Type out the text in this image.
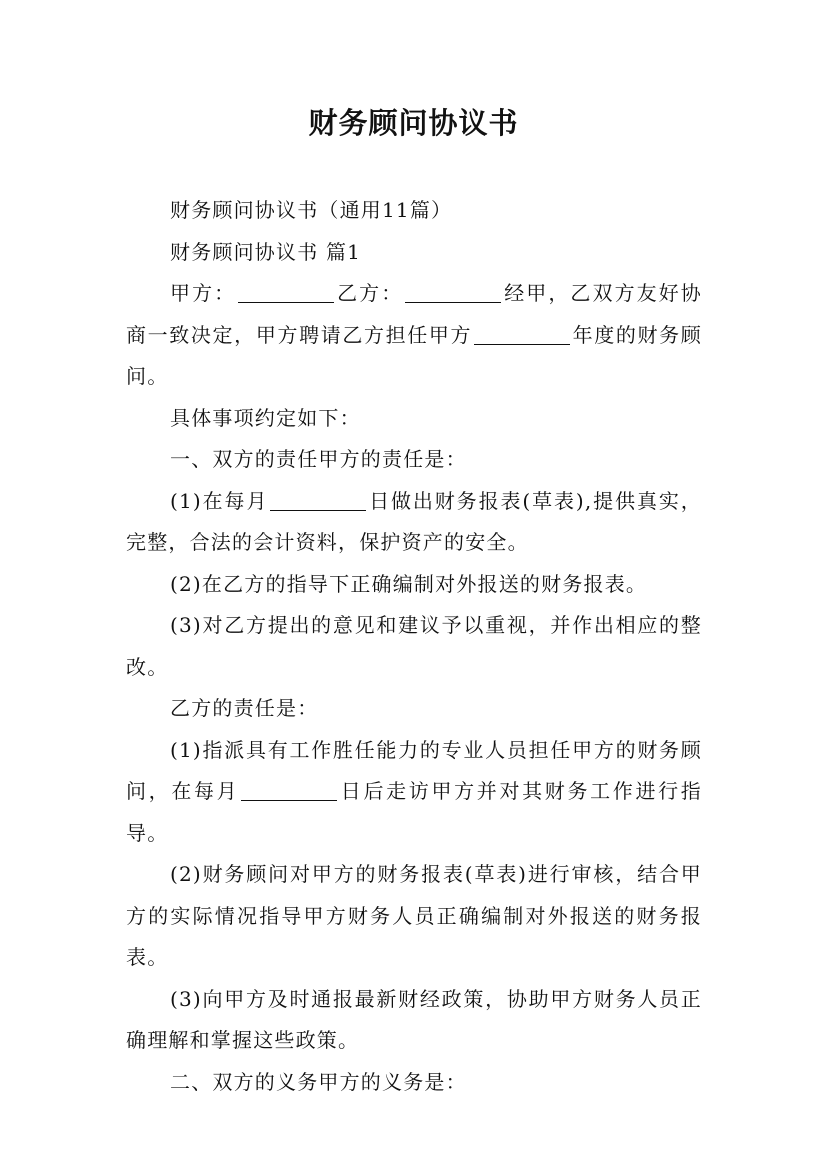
财务顾问协议书

财务顾问协议书（通用11篇）

财务顾问协议书 篇1

甲方：	乙方：	经甲，乙双方友好协商一致决定，甲方聘请乙方担任甲方	年度的财务顾问。

具体事项约定如下：

一、双方的责任甲方的责任是：

(1)在每月	日做出财务报表(草表),提供真实，完整，合法的会计资料，保护资产的安全。

(2)在乙方的指导下正确编制对外报送的财务报表。

(3)对乙方提出的意见和建议予以重视，并作出相应的整改。

乙方的责任是：

(1)指派具有工作胜任能力的专业人员担任甲方的财务顾问，在每月	日后走访甲方并对其财务工作进行指导。

(2)财务顾问对甲方的财务报表(草表)进行审核，结合甲方的实际情况指导甲方财务人员正确编制对外报送的财务报表。

(3)向甲方及时通报最新财经政策，协助甲方财务人员正确理解和掌握这些政策。

二、双方的义务甲方的义务是：
